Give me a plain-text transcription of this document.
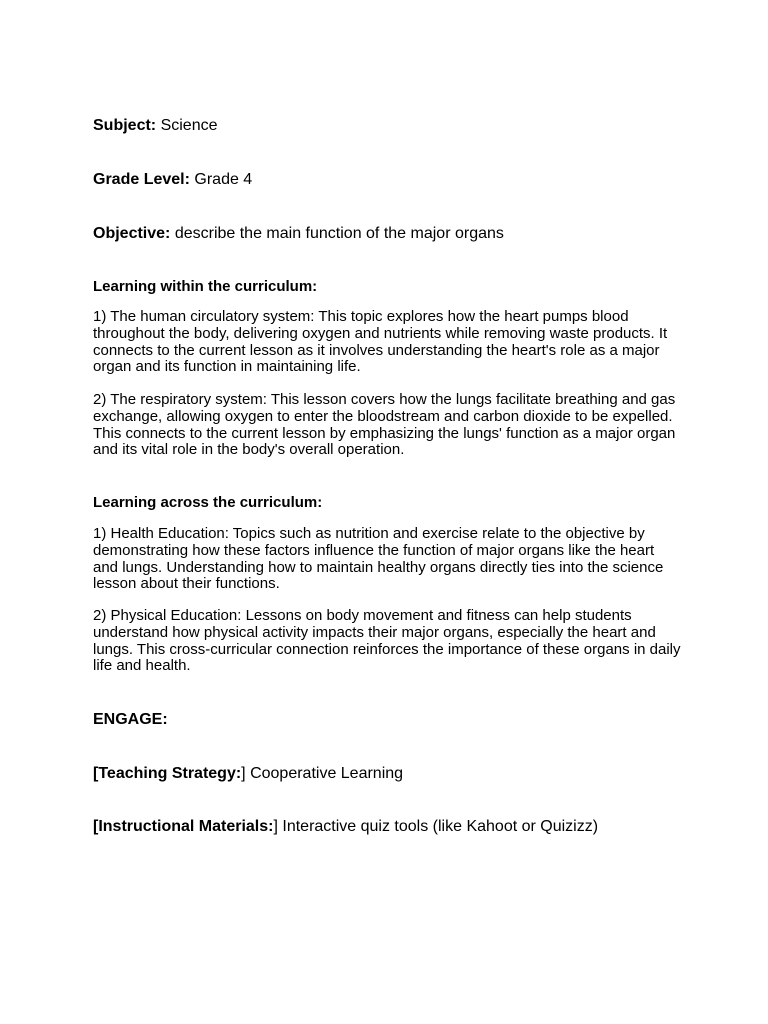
Subject: Science
Grade Level: Grade 4
Objective: describe the main function of the major organs
Learning within the curriculum:

1) The human circulatory system: This topic explores how the heart pumps blood throughout the body, delivering oxygen and nutrients while removing waste products. It connects to the current lesson as it involves understanding the heart's role as a major organ and its function in maintaining life.

2) The respiratory system: This lesson covers how the lungs facilitate breathing and gas exchange, allowing oxygen to enter the bloodstream and carbon dioxide to be expelled. This connects to the current lesson by emphasizing the lungs' function as a major organ and its vital role in the body's overall operation.

Learning across the curriculum:

1) Health Education: Topics such as nutrition and exercise relate to the objective by demonstrating how these factors influence the function of major organs like the heart and lungs. Understanding how to maintain healthy organs directly ties into the science lesson about their functions.

2) Physical Education: Lessons on body movement and fitness can help students understand how physical activity impacts their major organs, especially the heart and lungs. This cross-curricular connection reinforces the importance of these organs in daily life and health.

ENGAGE:
[Teaching Strategy:] Cooperative Learning
[Instructional Materials:] Interactive quiz tools (like Kahoot or Quizizz)
